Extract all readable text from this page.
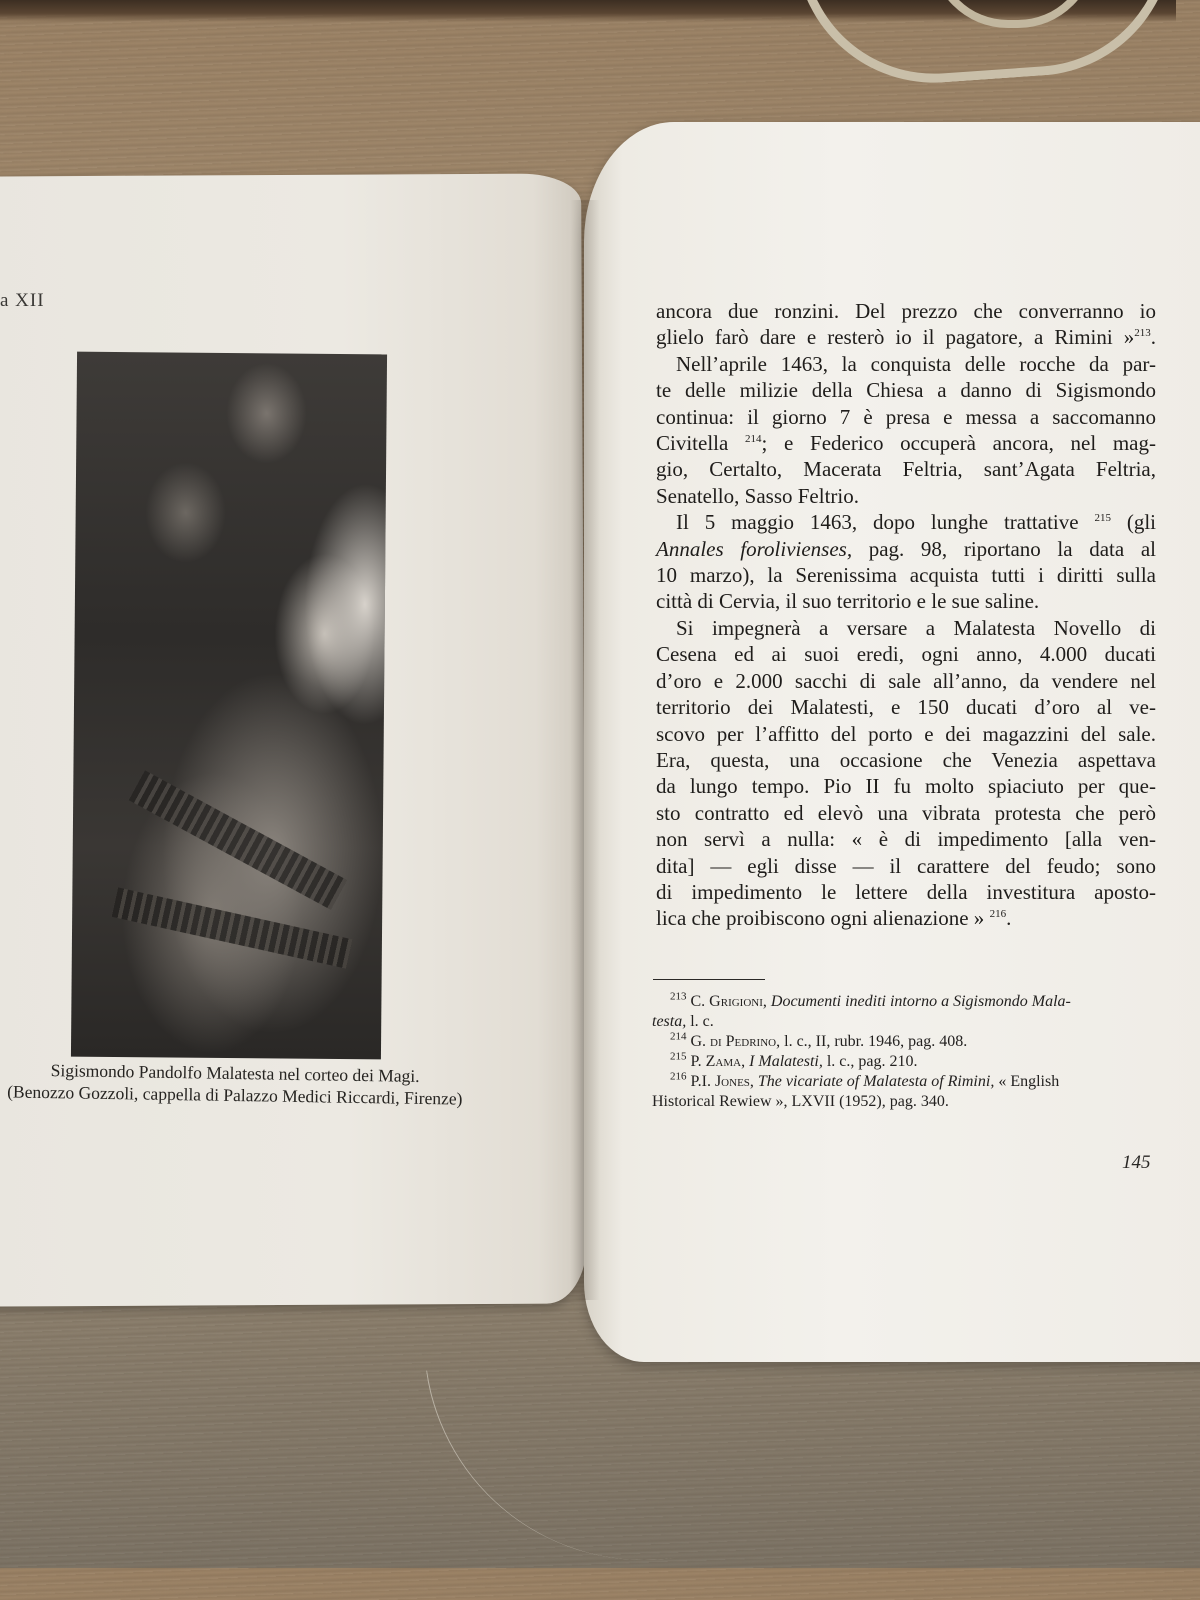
a XII
Sigismondo Pandolfo Malatesta nel corteo dei Magi.
(Benozzo Gozzoli, cappella di Palazzo Medici Riccardi, Firenze)
ancora due ronzini. Del prezzo che converranno io
glielo farò dare e resterò io il pagatore, a Rimini »$^{213}$.
Nell’aprile 1463, la conquista delle rocche da par-
te delle milizie della Chiesa a danno di Sigismondo
continua: il giorno 7 è presa e messa a saccomanno
Civitella $^{214}$; e Federico occuperà ancora, nel mag-
gio, Certalto, Macerata Feltria, sant’Agata Feltria,
Senatello, Sasso Feltrio.
Il 5 maggio 1463, dopo lunghe trattative $^{215}$ (gli
Annales forolivienses, pag. 98, riportano la data al
10 marzo), la Serenissima acquista tutti i diritti sulla
città di Cervia, il suo territorio e le sue saline.
Si impegnerà a versare a Malatesta Novello di
Cesena ed ai suoi eredi, ogni anno, 4.000 ducati
d’oro e 2.000 sacchi di sale all’anno, da vendere nel
territorio dei Malatesti, e 150 ducati d’oro al ve-
scovo per l’affitto del porto e dei magazzini del sale.
Era, questa, una occasione che Venezia aspettava
da lungo tempo. Pio II fu molto spiaciuto per que-
sto contratto ed elevò una vibrata protesta che però
non servì a nulla: « è di impedimento [alla ven-
dita] — egli disse — il carattere del feudo; sono
di impedimento le lettere della investitura aposto-
lica che proibiscono ogni alienazione » $^{216}$.
$^{213}$ C. Grigioni, Documenti inediti intorno a Sigismondo Mala-
testa, l. c.
$^{214}$ G. di Pedrino, l. c., II, rubr. 1946, pag. 408.
$^{215}$ P. Zama, I Malatesti, l. c., pag. 210.
$^{216}$ P.I. Jones, The vicariate of Malatesta of Rimini, « English
Historical Rewiew », LXVII (1952), pag. 340.
145
